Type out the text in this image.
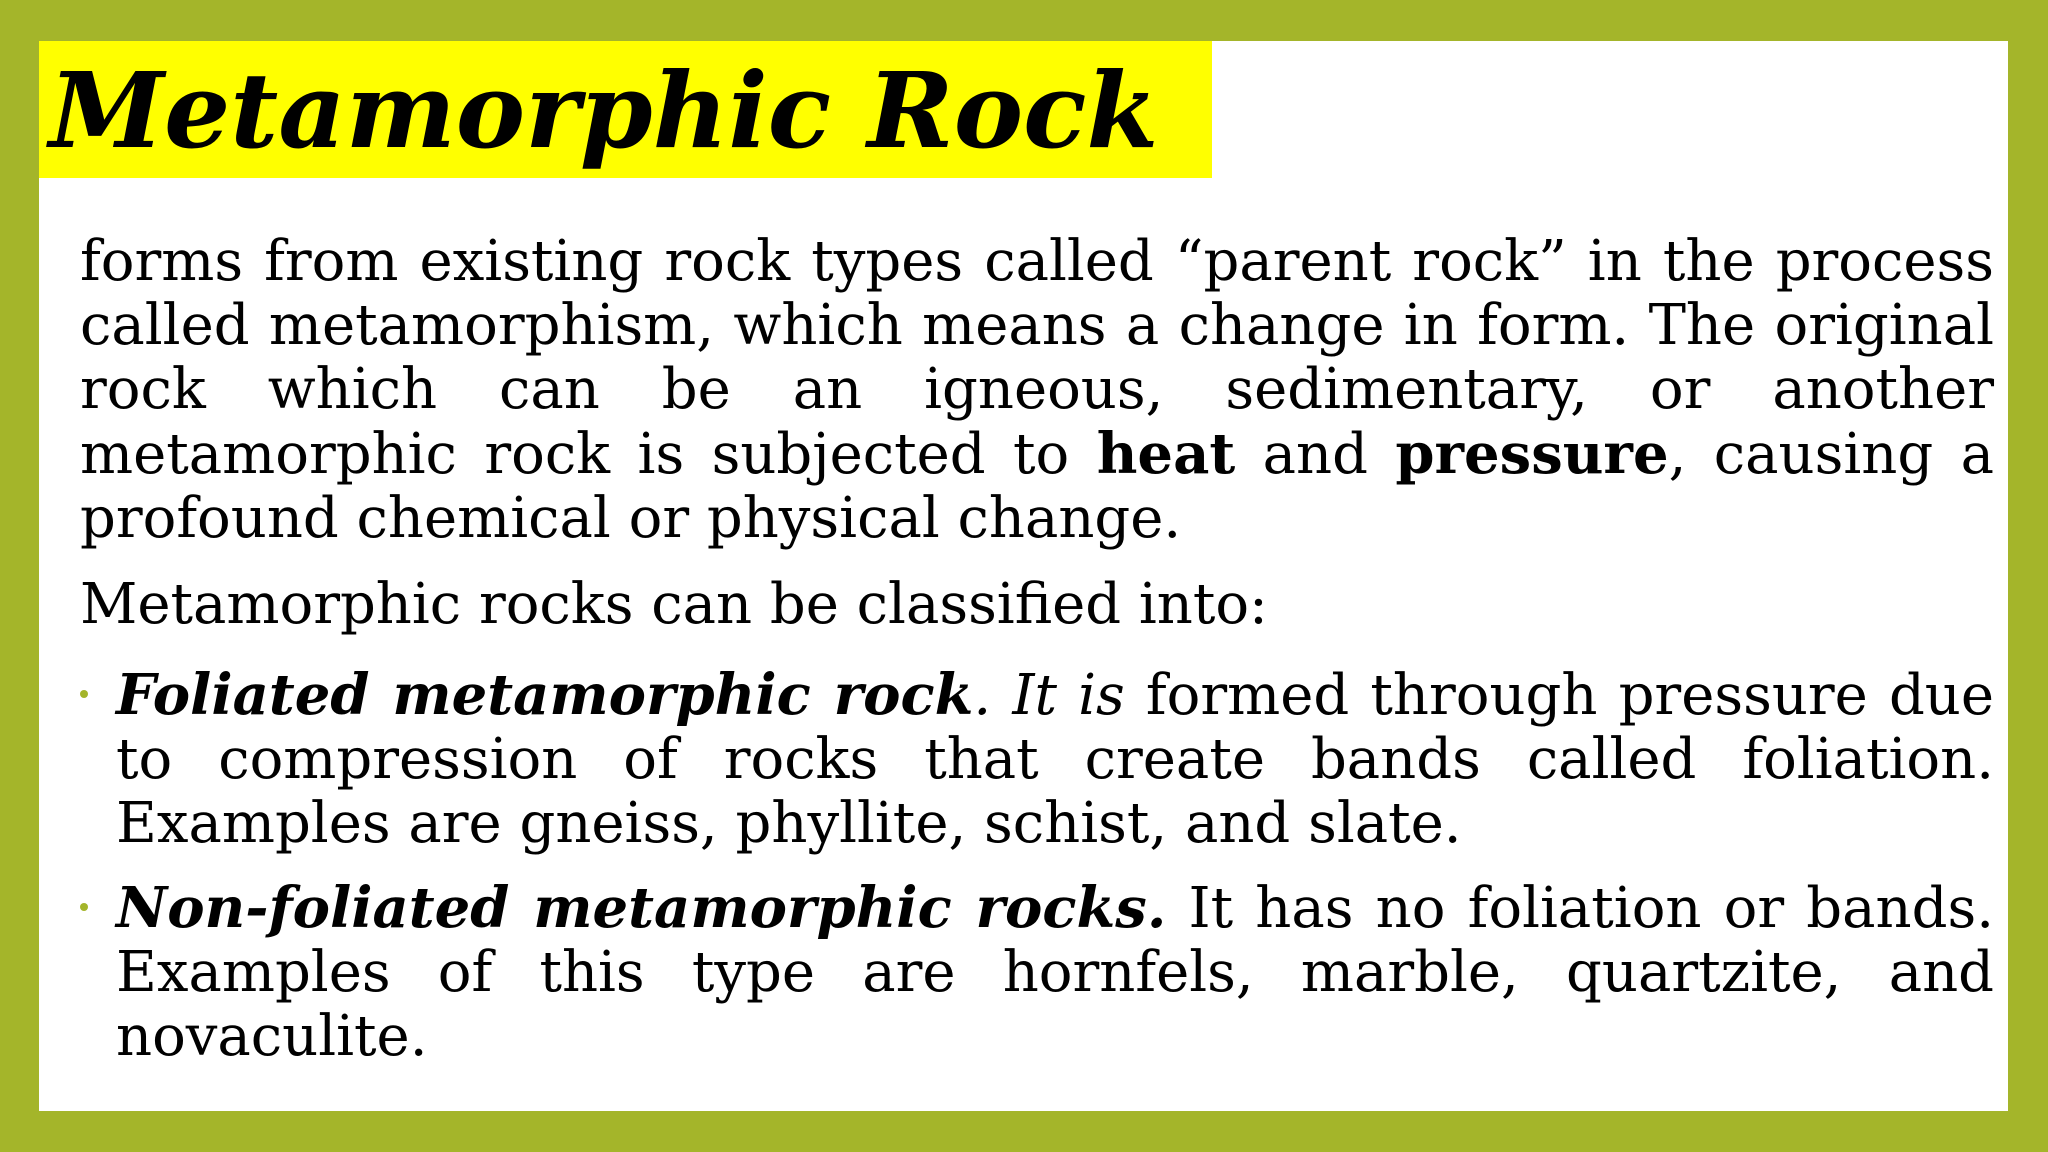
Metamorphic Rock

forms from existing rock types called “parent rock” in the process called metamorphism, which means a change in form. The original rock which can be an igneous, sedimentary, or another metamorphic rock is subjected to heat and pressure, causing a profound chemical or physical change.

Metamorphic rocks can be classified into:

Foliated metamorphic rock. It is formed through pressure due to compression of rocks that create bands called foliation. Examples are gneiss, phyllite, schist, and slate.
Non-foliated metamorphic rocks. It has no foliation or bands. Examples of this type are hornfels, marble, quartzite, and novaculite.
